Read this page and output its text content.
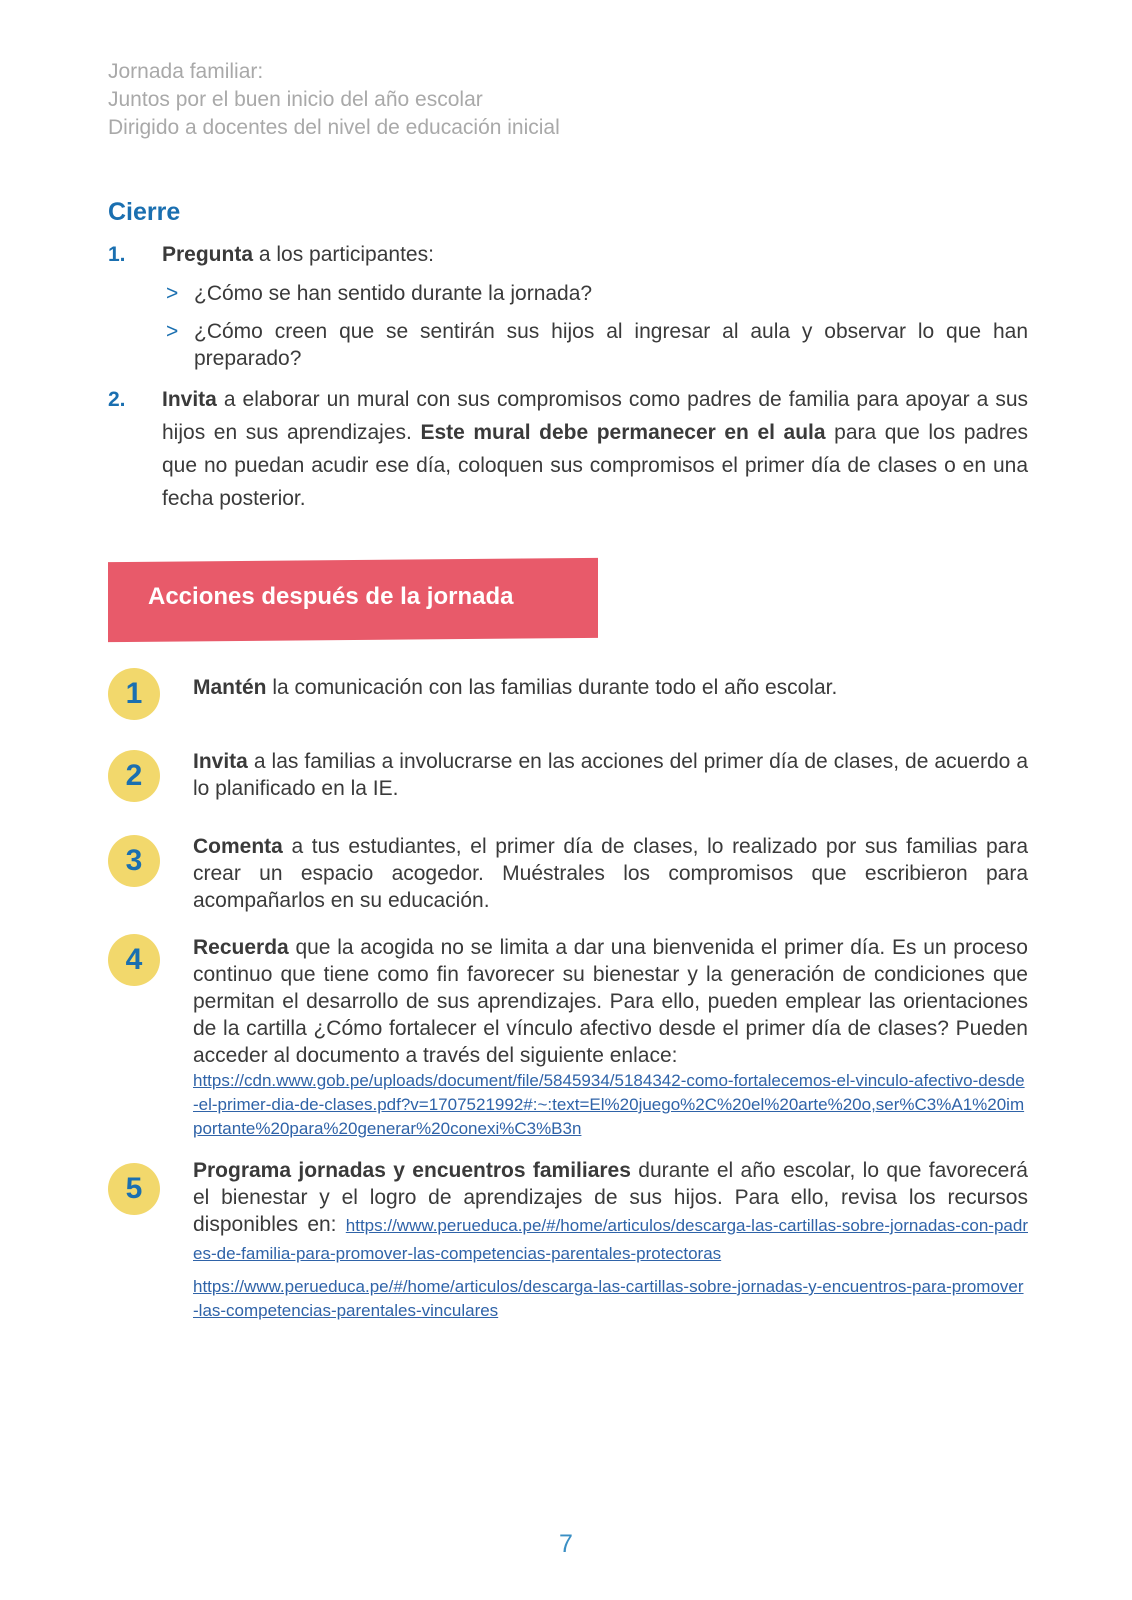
Jornada familiar:
Juntos por el buen inicio del año escolar
Dirigido a docentes del nivel de educación inicial
Cierre
1. Pregunta a los participantes:
> ¿Cómo se han sentido durante la jornada?
> ¿Cómo creen que se sentirán sus hijos al ingresar al aula y observar lo que han preparado?
2. Invita a elaborar un mural con sus compromisos como padres de familia para apoyar a sus hijos en sus aprendizajes. Este mural debe permanecer en el aula para que los padres que no puedan acudir ese día, coloquen sus compromisos el primer día de clases o en una fecha posterior.
Acciones después de la jornada
1	Mantén la comunicación con las familias durante todo el año escolar.
2	Invita a las familias a involucrarse en las acciones del primer día de clases, de acuerdo a lo planificado en la IE.
3	Comenta a tus estudiantes, el primer día de clases, lo realizado por sus familias para crear un espacio acogedor. Muéstrales los compromisos que escribieron para acompañarlos en su educación.
4	Recuerda que la acogida no se limita a dar una bienvenida el primer día. Es un proceso continuo que tiene como fin favorecer su bienestar y la generación de condiciones que permitan el desarrollo de sus aprendizajes. Para ello, pueden emplear las orientaciones de la cartilla ¿Cómo fortalecer el vínculo afectivo desde el primer día de clases? Pueden acceder al documento a través del siguiente enlace:
https://cdn.www.gob.pe/uploads/document/file/5845934/5184342-como-fortalecemos-el-vinculo-afectivo-desde-el-primer-dia-de-clases.pdf?v=1707521992#:~:text=El%20juego%2C%20el%20arte%20o,ser%C3%A1%20importante%20para%20generar%20conexi%C3%B3n
5
Programa jornadas y encuentros familiares durante el año escolar, lo que favorecerá el bienestar y el logro de aprendizajes de sus hijos. Para ello, revisa los recursos disponibles en: https://www.perueduca.pe/#/home/articulos/descarga-las-cartillas-sobre-jornadas-con-padres-de-familia-para-promover-las-competencias-parentales-protectoras
https://www.perueduca.pe/#/home/articulos/descarga-las-cartillas-sobre-jornadas-y-encuentros-para-promover-las-competencias-parentales-vinculares
7
